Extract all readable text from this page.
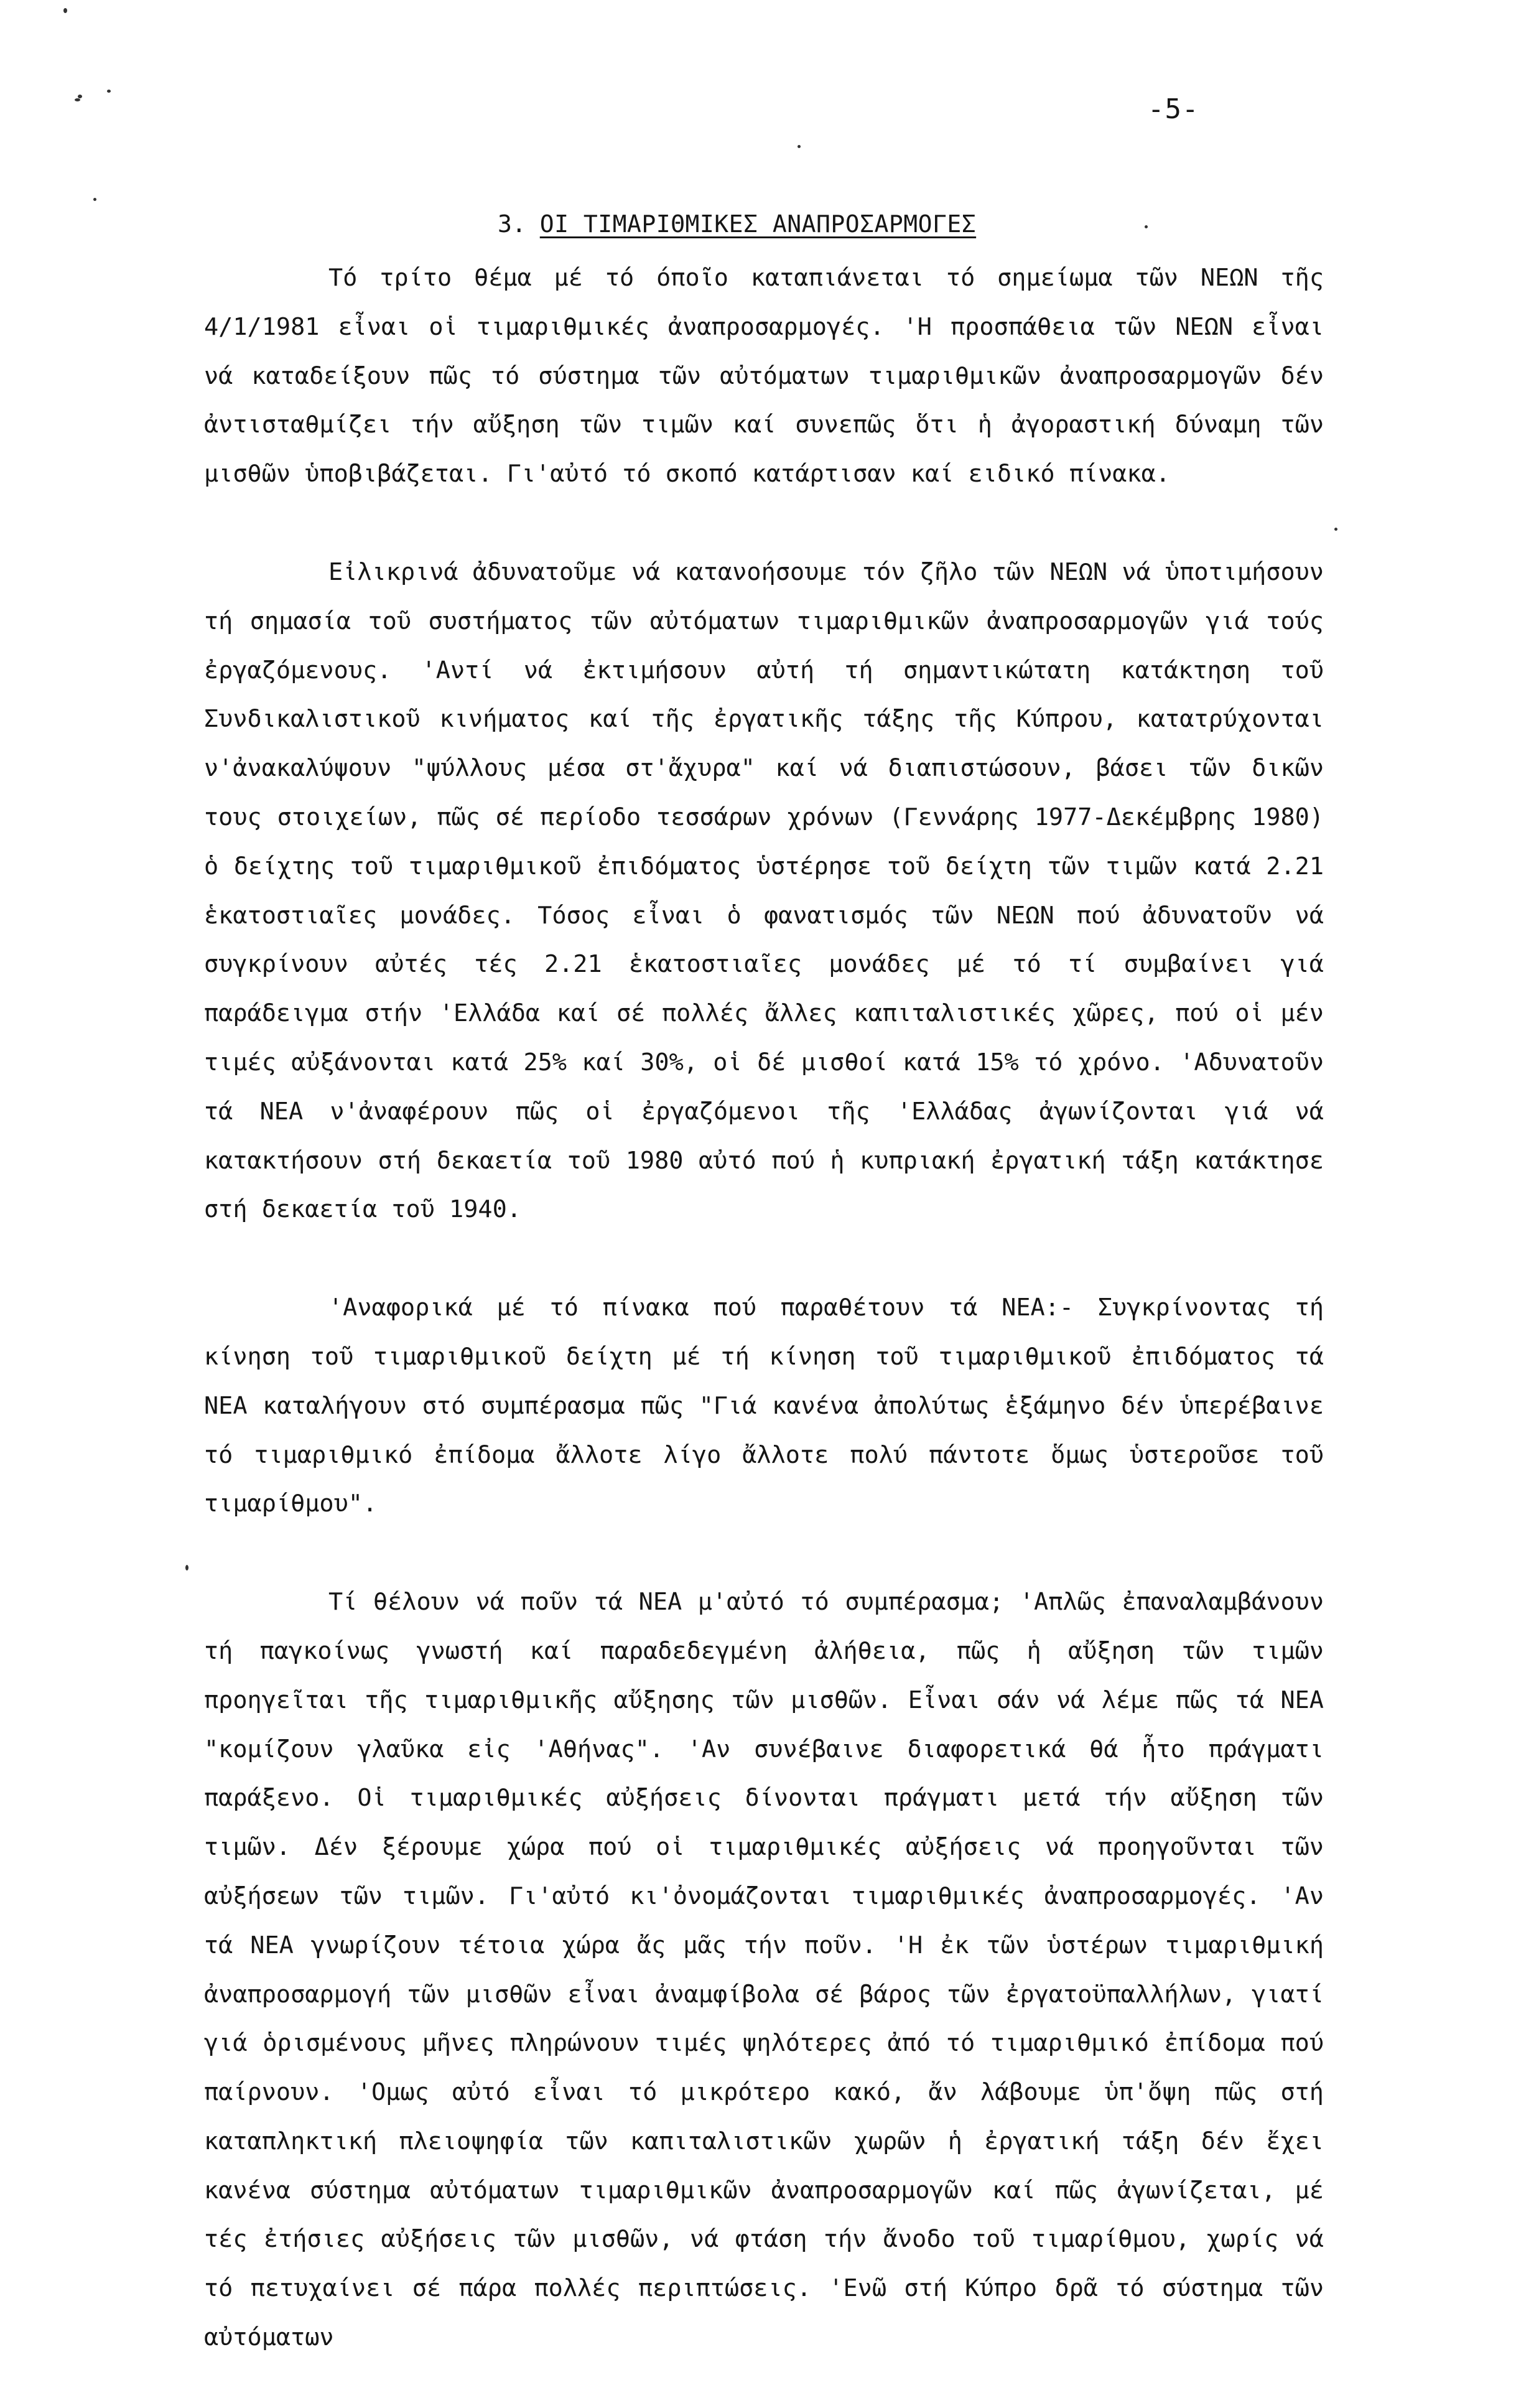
-5-
3. ΟΙ ΤΙΜΑΡΙΘΜΙΚΕΣ ΑΝΑΠΡΟΣΑΡΜΟΓΕΣ

Τό τρίτο θέμα μέ τό όποῖο καταπιάνεται τό σημείωμα τῶν ΝΕΩΝ τῆς 4/1/1981 εἶναι οἱ τιμαριθμικές ἀναπροσαρμογές. 'Η προσπάθεια τῶν ΝΕΩΝ εἶναι νά καταδείξουν πῶς τό σύστημα τῶν αὐτόματων τιμαριθμικῶν ἀναπροσαρμογῶν δέν ἀντισταθμίζει τήν αὔξηση τῶν τιμῶν καί συνεπῶς ὅτι ἡ ἀγοραστική δύναμη τῶν μισθῶν ὑποβιβάζεται. Γι'αὐτό τό σκοπό κατάρτισαν καί ειδικό πίνακα.

Εἰλικρινά ἀδυνατοῦμε νά κατανοήσουμε τόν ζῆλο τῶν ΝΕΩΝ νά ὑποτιμήσουν τή σημασία τοῦ συστήματος τῶν αὐτόματων τιμαριθμικῶν ἀναπροσαρμογῶν γιά τούς ἐργαζόμενους. 'Αντί νά ἐκτιμήσουν αὐτή τή σημαντικώτατη κατάκτηση τοῦ Συνδικαλιστικοῦ κινήματος καί τῆς ἐργατικῆς τάξης τῆς Κύπρου, κατατρύχονται ν'ἀνακαλύψουν "ψύλλους μέσα στ'ἄχυρα" καί νά διαπιστώσουν, βάσει τῶν δικῶν τους στοιχείων, πῶς σέ περίοδο τεσσάρων χρόνων (Γεννάρης 1977-Δεκέμβρης 1980) ὁ δείχτης τοῦ τιμαριθμικοῦ ἐπιδόματος ὑστέρησε τοῦ δείχτη τῶν τιμῶν κατά 2.21 ἑκατοστιαῖες μονάδες. Τόσος εἶναι ὁ φανατισμός τῶν ΝΕΩΝ πού ἀδυνατοῦν νά συγκρίνουν αὐτές τές 2.21 ἑκατοστιαῖες μονάδες μέ τό τί συμβαίνει γιά παράδειγμα στήν 'Ελλάδα καί σέ πολλές ἄλλες καπιταλιστικές χῶρες, πού οἱ μέν τιμές αὐξάνονται κατά 25% καί 30%, οἱ δέ μισθοί κατά 15% τό χρόνο. 'Αδυνατοῦν τά ΝΕΑ ν'ἀναφέρουν πῶς οἱ ἐργαζόμενοι τῆς 'Ελλάδας ἀγωνίζονται γιά νά κατακτήσουν στή δεκαετία τοῦ 1980 αὐτό πού ἡ κυπριακή ἐργατική τάξη κατάκτησε στή δεκαετία τοῦ 1940.

'Αναφορικά μέ τό πίνακα πού παραθέτουν τά ΝΕΑ:- Συγκρίνοντας τή κίνηση τοῦ τιμαριθμικοῦ δείχτη μέ τή κίνηση τοῦ τιμαριθμικοῦ ἐπιδόματος τά ΝΕΑ καταλήγουν στό συμπέρασμα πῶς "Γιά κανένα ἀπολύτως ἑξάμηνο δέν ὑπερέβαινε τό τιμαριθμικό ἐπίδομα ἄλλοτε λίγο ἄλλοτε πολύ πάντοτε ὅμως ὑστεροῦσε τοῦ τιμαρίθμου".

Τί θέλουν νά ποῦν τά ΝΕΑ μ'αὐτό τό συμπέρασμα; 'Απλῶς ἐπαναλαμβάνουν τή παγκοίνως γνωστή καί παραδεδεγμένη ἀλήθεια, πῶς ἡ αὔξηση τῶν τιμῶν προηγεῖται τῆς τιμαριθμικῆς αὔξησης τῶν μισθῶν. Εἶναι σάν νά λέμε πῶς τά ΝΕΑ "κομίζουν γλαῦκα εἰς 'Αθήνας". 'Αν συνέβαινε διαφορετικά θά ἦτο πράγματι παράξενο. Οἱ τιμαριθμικές αὐξήσεις δίνονται πράγματι μετά τήν αὔξηση τῶν τιμῶν. Δέν ξέρουμε χώρα πού οἱ τιμαριθμικές αὐξήσεις νά προηγοῦνται τῶν αὐξήσεων τῶν τιμῶν. Γι'αὐτό κι'ὀνομάζονται τιμαριθμικές ἀναπροσαρμογές. 'Αν τά ΝΕΑ γνωρίζουν τέτοια χώρα ἄς μᾶς τήν ποῦν. 'Η ἐκ τῶν ὑστέρων τιμαριθμική ἀναπροσαρμογή τῶν μισθῶν εἶναι ἀναμφίβολα σέ βάρος τῶν ἐργατοϋπαλλήλων, γιατί γιά ὁρισμένους μῆνες πληρώνουν τιμές ψηλότερες ἀπό τό τιμαριθμικό ἐπίδομα πού παίρνουν. 'Ομως αὐτό εἶναι τό μικρότερο κακό, ἄν λάβουμε ὑπ'ὄψη πῶς στή καταπληκτική πλειοψηφία τῶν καπιταλιστικῶν χωρῶν ἡ ἐργατική τάξη δέν ἔχει κανένα σύστημα αὐτόματων τιμαριθμικῶν ἀναπροσαρμογῶν καί πῶς ἀγωνίζεται, μέ τές ἐτήσιες αὐξήσεις τῶν μισθῶν, νά φτάση τήν ἄνοδο τοῦ τιμαρίθμου, χωρίς νά τό πετυχαίνει σέ πάρα πολλές περιπτώσεις. 'Ενῶ στή Κύπρο δρᾶ τό σύστημα τῶν αὐτόματων
